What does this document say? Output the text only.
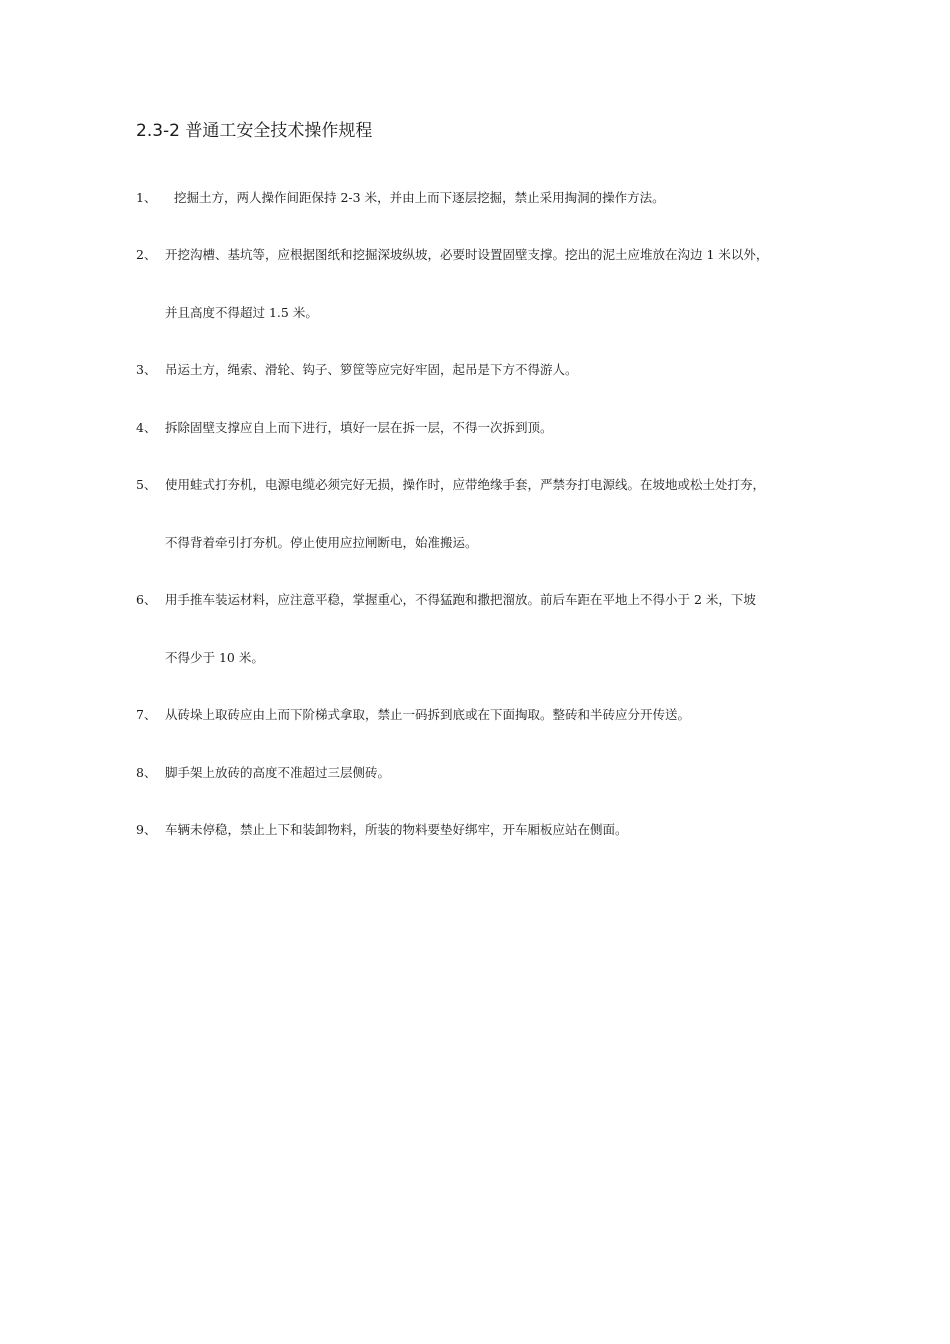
2.3-2 普通工安全技术操作规程
1、 挖掘土方，两人操作间距保持 2-3 米，并由上而下逐层挖掘，禁止采用掏洞的操作方法。
2、 开挖沟槽、基坑等，应根据图纸和挖掘深坡纵坡，必要时设置固壁支撑。挖出的泥土应堆放在沟边 1 米以外，
并且高度不得超过 1.5 米。
3、 吊运土方，绳索、滑轮、钩子、箩筐等应完好牢固，起吊是下方不得游人。
4、 拆除固壁支撑应自上而下进行，填好一层在拆一层，不得一次拆到顶。
5、 使用蛙式打夯机，电源电缆必须完好无损，操作时，应带绝缘手套，严禁夯打电源线。在坡地或松土处打夯，
不得背着牵引打夯机。停止使用应拉闸断电，始准搬运。
6、 用手推车装运材料，应注意平稳，掌握重心，不得猛跑和撒把溜放。前后车距在平地上不得小于 2 米，下坡
不得少于 10 米。
7、 从砖垛上取砖应由上而下阶梯式拿取，禁止一码拆到底或在下面掏取。整砖和半砖应分开传送。
8、 脚手架上放砖的高度不准超过三层侧砖。
9、 车辆未停稳，禁止上下和装卸物料，所装的物料要垫好绑牢，开车厢板应站在侧面。
